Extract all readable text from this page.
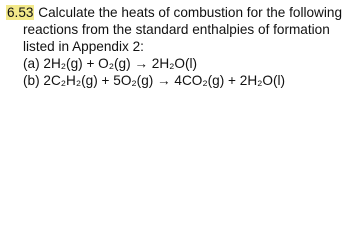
6.53 Calculate the heats of combustion for the following
reactions from the standard enthalpies of formation
listed in Appendix 2:
(a) 2H₂(g) + O₂(g) → 2H₂O(l)
(b) 2C₂H₂(g) + 5O₂(g) → 4CO₂(g) + 2H₂O(l)
